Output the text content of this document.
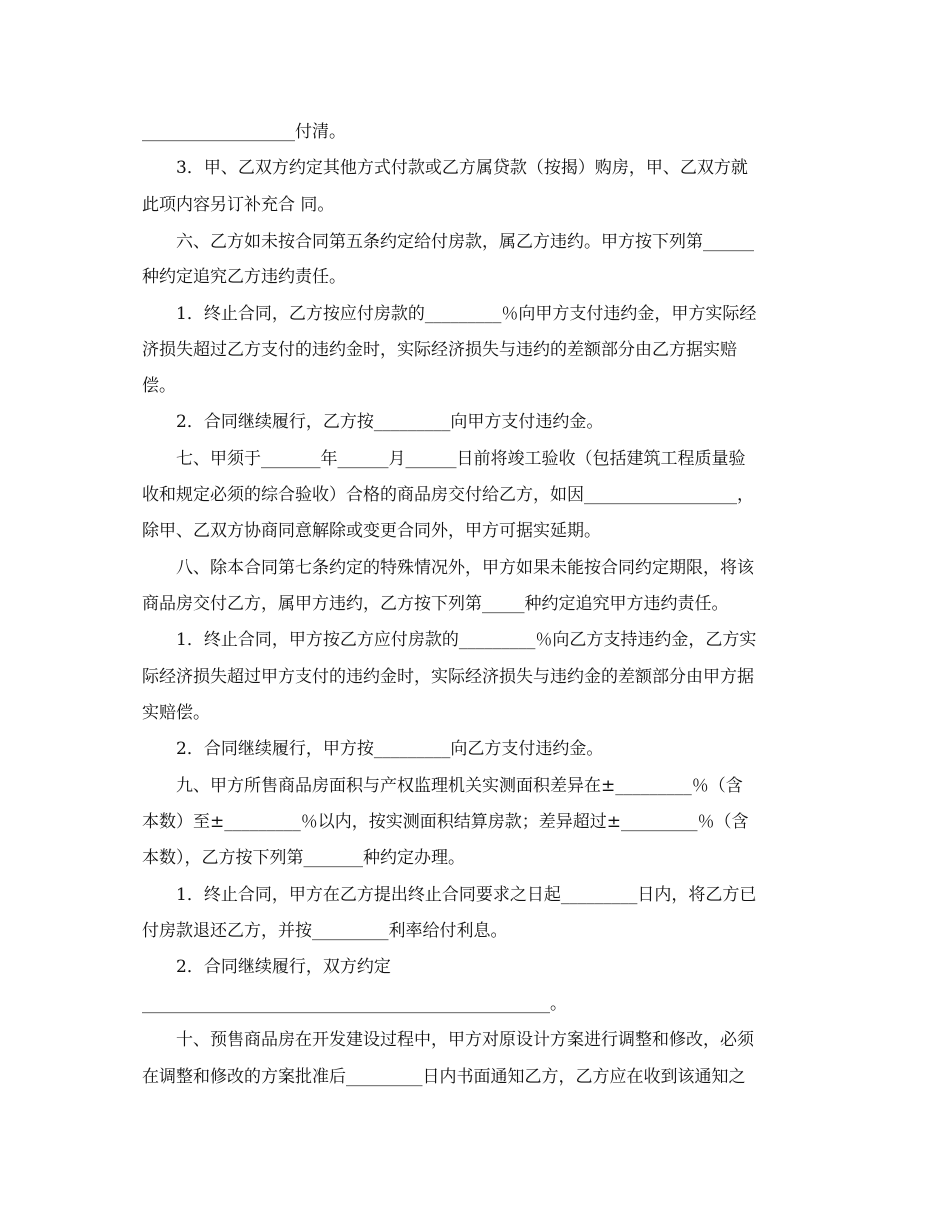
__________________付清。
3．甲、乙双方约定其他方式付款或乙方属贷款（按揭）购房，甲、乙双方就
此项内容另订补充合 同。
六、乙方如未按合同第五条约定给付房款，属乙方违约。甲方按下列第______
种约定追究乙方违约责任。
1．终止合同，乙方按应付房款的_________％向甲方支付违约金，甲方实际经
济损失超过乙方支付的违约金时，实际经济损失与违约的差额部分由乙方据实赔
偿。
2．合同继续履行，乙方按_________向甲方支付违约金。
七、甲须于_______年______月______日前将竣工验收（包括建筑工程质量验
收和规定必须的综合验收）合格的商品房交付给乙方，如因__________________，
除甲、乙双方协商同意解除或变更合同外，甲方可据实延期。
八、除本合同第七条约定的特殊情况外，甲方如果未能按合同约定期限，将该
商品房交付乙方，属甲方违约，乙方按下列第_____种约定追究甲方违约责任。
1．终止合同，甲方按乙方应付房款的_________％向乙方支持违约金，乙方实
际经济损失超过甲方支付的违约金时，实际经济损失与违约金的差额部分由甲方据
实赔偿。
2．合同继续履行，甲方按_________向乙方支付违约金。
九、甲方所售商品房面积与产权监理机关实测面积差异在±_________％（含
本数）至±_________％以内，按实测面积结算房款；差异超过±_________％（含
本数），乙方按下列第_______种约定办理。
1．终止合同，甲方在乙方提出终止合同要求之日起_________日内，将乙方已
付房款退还乙方，并按_________利率给付利息。
2．合同继续履行，双方约定
________________________________________________。
十、预售商品房在开发建设过程中，甲方对原设计方案进行调整和修改，必须
在调整和修改的方案批准后_________日内书面通知乙方，乙方应在收到该通知之
